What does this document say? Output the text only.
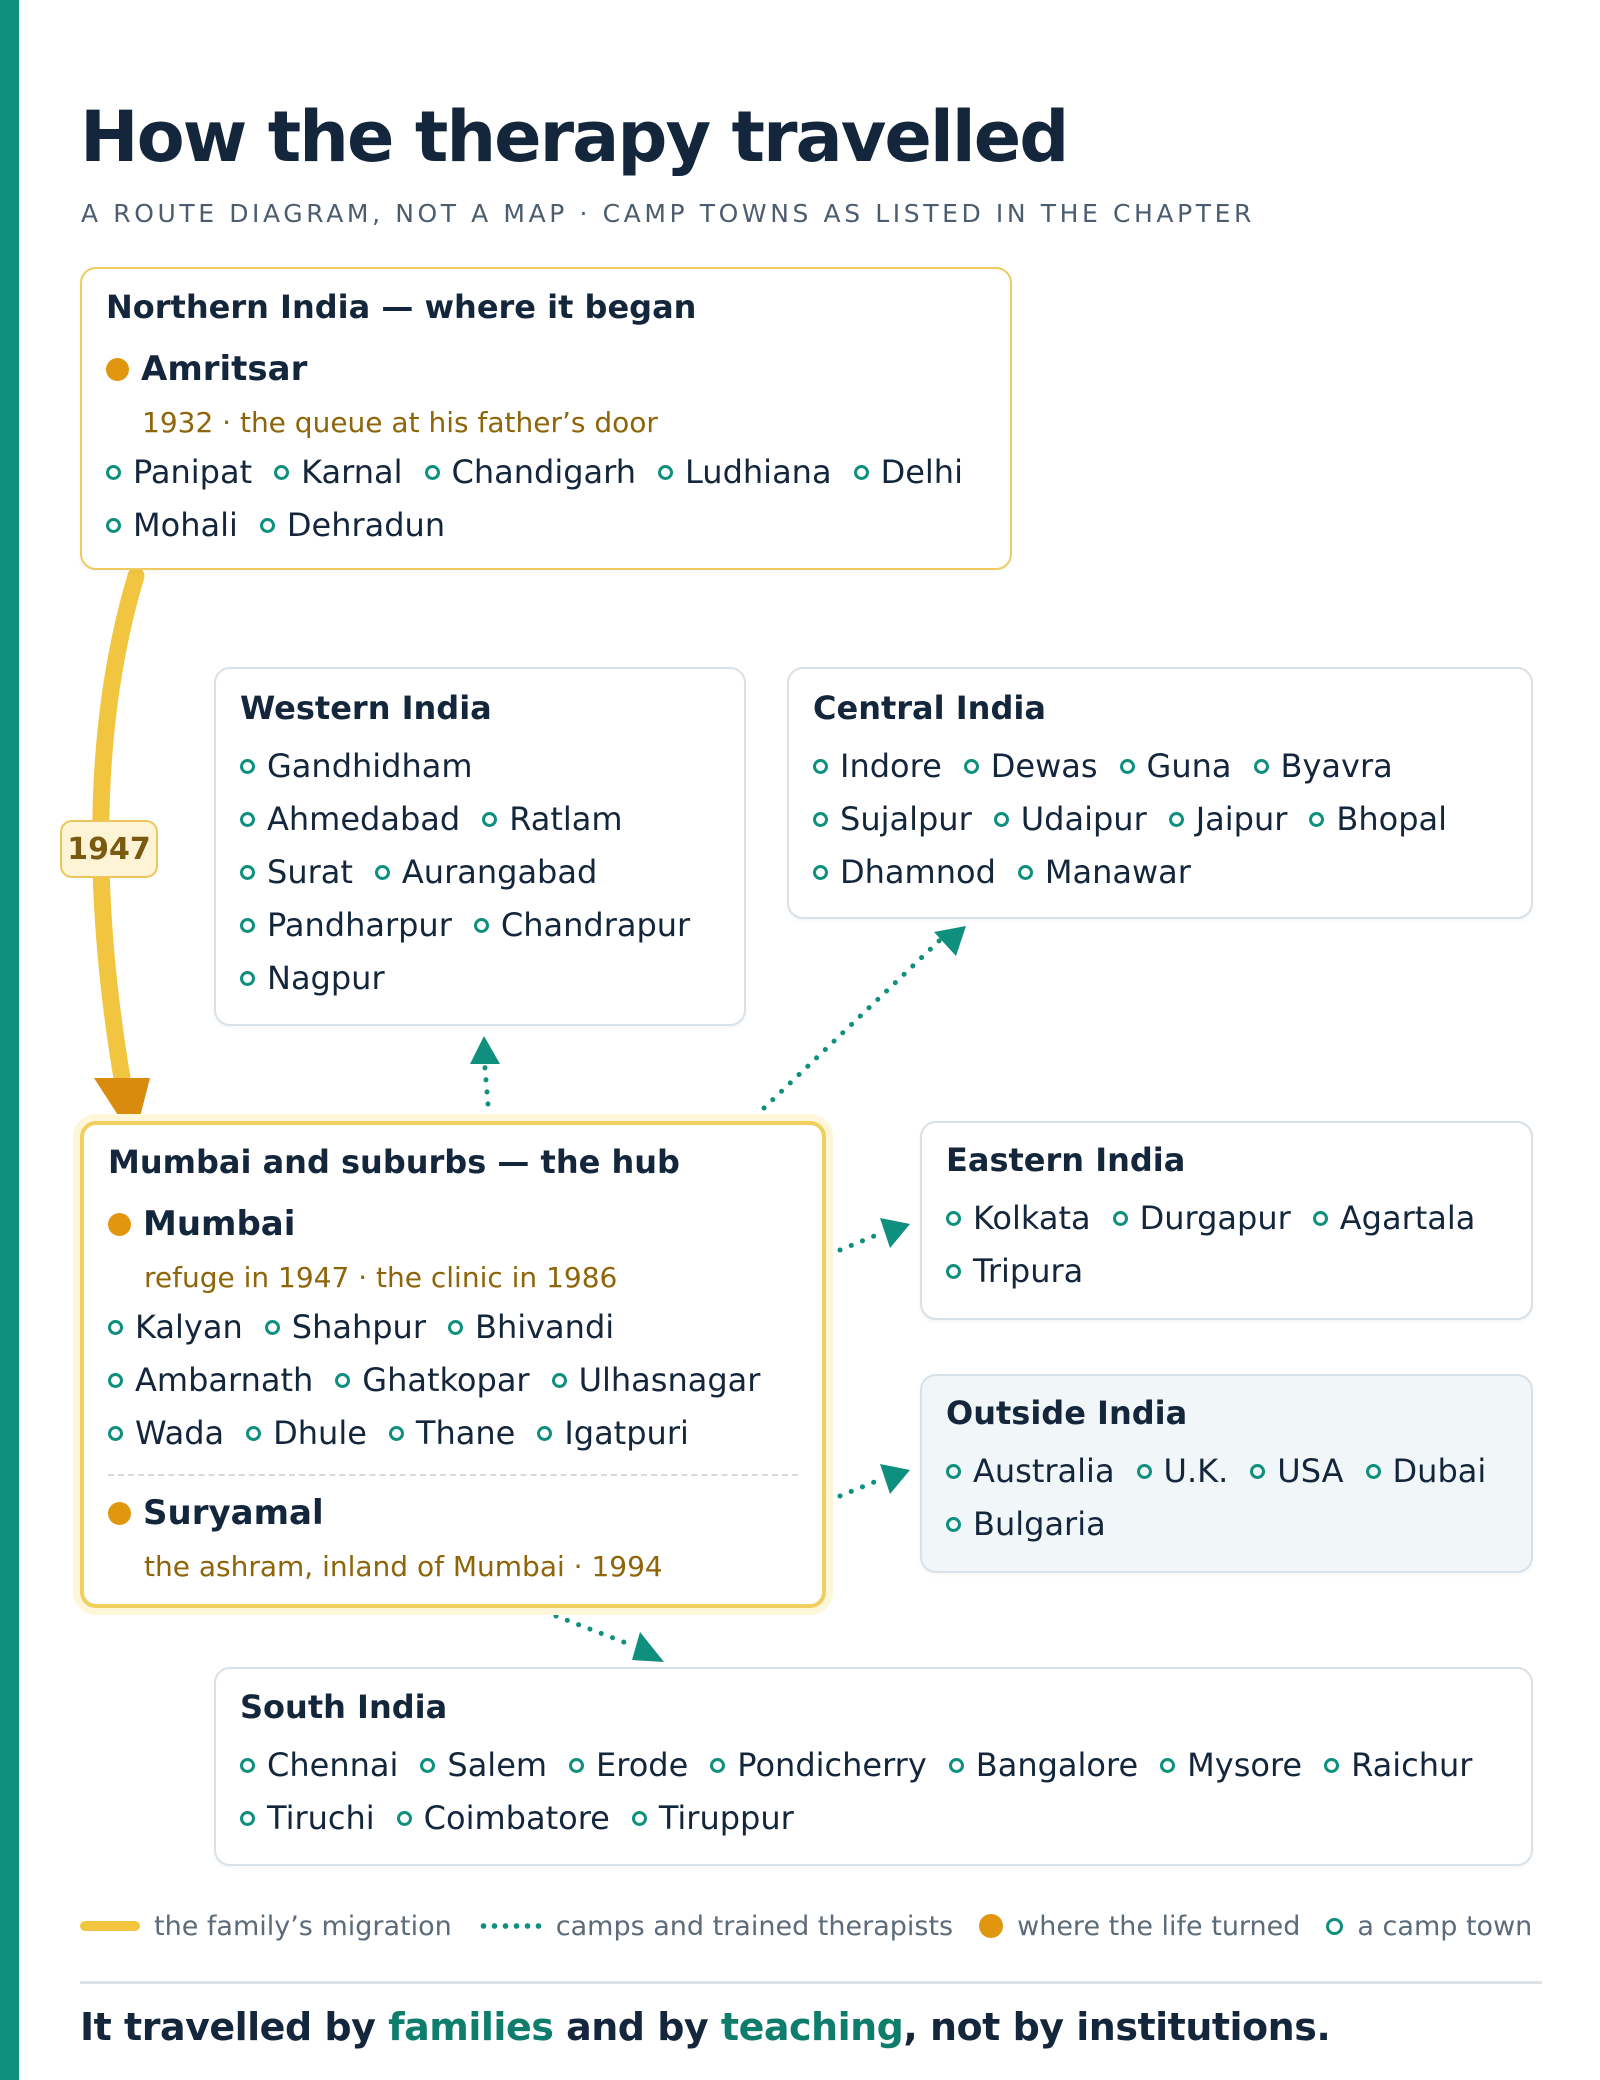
How the therapy travelled
A ROUTE DIAGRAM, NOT A MAP · CAMP TOWNS AS LISTED IN THE CHAPTER
1947
Northern India — where it began
Amritsar
1932 · the queue at his father’s door
Panipat Karnal Chandigarh Ludhiana Delhi
Mohali Dehradun
Western India
Gandhidham
Ahmedabad Ratlam
Surat Aurangabad
Pandharpur Chandrapur
Nagpur
Central India
Indore Dewas Guna Byavra
Sujalpur Udaipur Jaipur Bhopal
Dhamnod Manawar
Mumbai and suburbs — the hub
Mumbai
refuge in 1947 · the clinic in 1986
Kalyan Shahpur Bhivandi
Ambarnath Ghatkopar Ulhasnagar
Wada Dhule Thane Igatpuri
Suryamal
the ashram, inland of Mumbai · 1994
Eastern India
Kolkata Durgapur Agartala
Tripura
Outside India
Australia U.K. USA Dubai
Bulgaria
South India
Chennai Salem Erode Pondicherry Bangalore Mysore Raichur
Tiruchi Coimbatore Tiruppur
the family’s migration	camps and trained therapists where the life turned a camp town
It travelled by families and by teaching, not by institutions.
